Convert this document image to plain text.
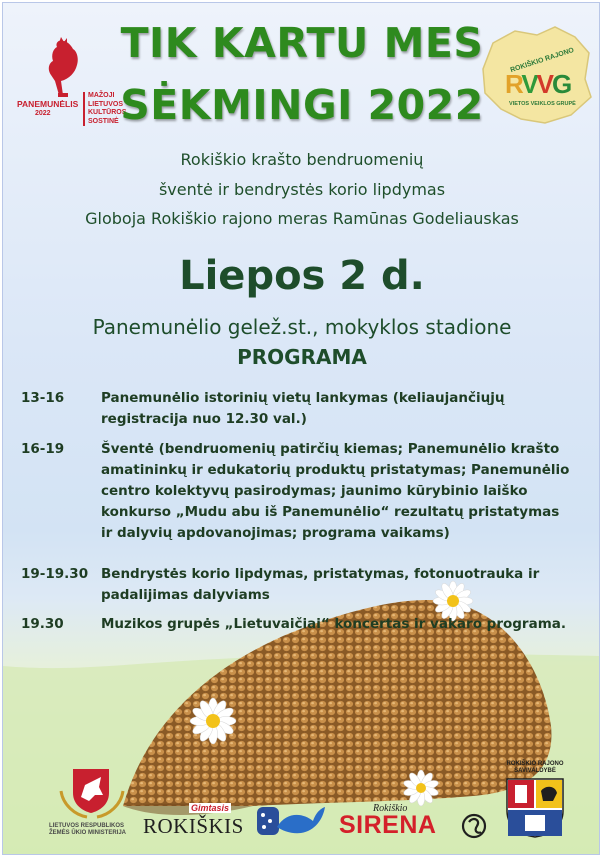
PANEMUNĖLIS
2022
MAŽOJI
LIETUVOS
KULTŪROS
SOSTINĖ
ROKIŠKIO RAJONO
RVVG
VIETOS VEIKLOS GRUPĖ
TIK KARTU MES
SĖKMINGI 2022
Rokiškio krašto bendruomenių
šventė ir bendrystės korio lipdymas
Globoja Rokiškio rajono meras Ramūnas Godeliauskas
Liepos 2 d.
Panemunėlio gelež.st., mokyklos stadione
PROGRAMA
13-16	Panemunėlio istorinių vietų lankymas (keliaujančiųjų
registracija nuo 12.30 val.)
16-19	Šventė (bendruomenių patirčių kiemas; Panemunėlio krašto
amatininkų ir edukatorių produktų pristatymas; Panemunėlio
centro kolektyvų pasirodymas; jaunimo kūrybinio laiško
konkurso „Mudu abu iš Panemunėlio“ rezultatų pristatymas
ir dalyvių apdovanojimas; programa vaikams)
19-19.30 Bendrystės korio lipdymas, pristatymas, fotonuotrauka ir
padalijimas dalyviams
19.30	Muzikos grupės „Lietuvaičiai“ koncertas ir vakaro programa.
LIETUVOS RESPUBLIKOS
ŽEMĖS ŪKIO MINISTERIJA
Gimtasis
ROKIŠKIS
Rokiškio
SIRENA
ROKIŠKIO RAJONO
SAVIVALDYBĖ
